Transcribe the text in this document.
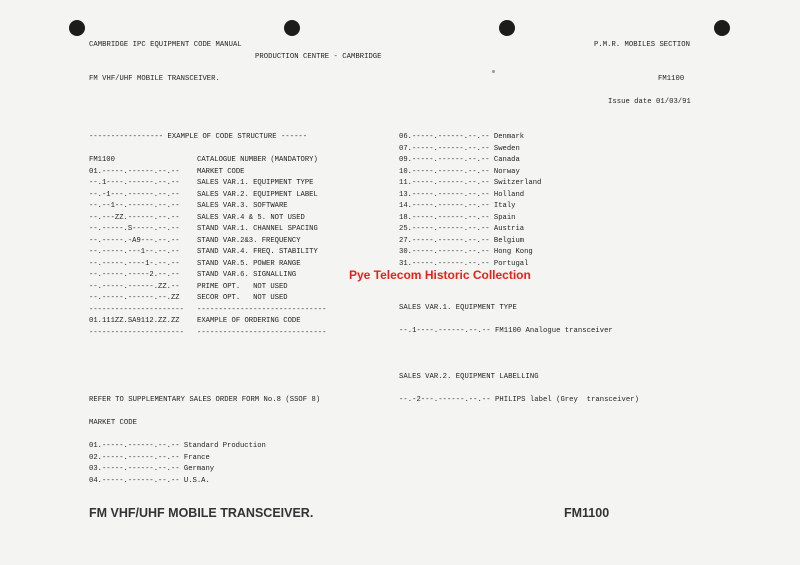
CAMBRIDGE IPC EQUIPMENT CODE MANUAL
PRODUCTION CENTRE - CAMBRIDGE
P.M.R. MOBILES SECTION
FM VHF/UHF MOBILE TRANSCEIVER.	FM1100
Issue date 01/03/91
----------------- EXAMPLE OF CODE STRUCTURE ------
FM1100	CATALOGUE NUMBER (MANDATORY)
01.-----.------.--.-- MARKET CODE
--.1----.------.--.-- SALES VAR.1. EQUIPMENT TYPE
--.-1---.------.--.-- SALES VAR.2. EQUIPMENT LABEL
--.--1--.------.--.-- SALES VAR.3. SOFTWARE
--.---ZZ.------.--.-- SALES VAR.4 & 5. NOT USED
--.-----.S-----.--.-- STAND VAR.1. CHANNEL SPACING
--.-----.-A9---.--.-- STAND VAR.2&3. FREQUENCY
--.-----.---1--.--.-- STAND VAR.4. FREQ. STABILITY
--.-----.----1-.--.-- STAND VAR.5. POWER RANGE
--.-----.-----2.--.-- STAND VAR.6. SIGNALLING
--.-----.------.ZZ.-- PRIME OPT.   NOT USED
--.-----.------.--.ZZ SECOR OPT.   NOT USED
---------------------- ------------------------------
01.111ZZ.SA9112.ZZ.ZZ EXAMPLE OF ORDERING CODE
---------------------- ------------------------------
06.-----.------.--.-- Denmark
07.-----.------.--.-- Sweden
09.-----.------.--.-- Canada
10.-----.------.--.-- Norway
11.-----.------.--.-- Switzerland
13.-----.------.--.-- Holland
14.-----.------.--.-- Italy
18.-----.------.--.-- Spain
25.-----.------.--.-- Austria
27.-----.------.--.-- Belgium
30.-----.------.--.-- Hong Kong
31.-----.------.--.-- Portugal
Pye Telecom Historic Collection
SALES VAR.1. EQUIPMENT TYPE
--.1----.------.--.-- FM1100 Analogue transceiver
SALES VAR.2. EQUIPMENT LABELLING
--.-2---.------.--.-- PHILIPS label (Grey  transceiver)
REFER TO SUPPLEMENTARY SALES ORDER FORM No.8 (SSOF 8)
MARKET CODE
01.-----.------.--.-- Standard Production
02.-----.------.--.-- France
03.-----.------.--.-- Germany
04.-----.------.--.-- U.S.A.
FM VHF/UHF MOBILE TRANSCEIVER.	FM1100
